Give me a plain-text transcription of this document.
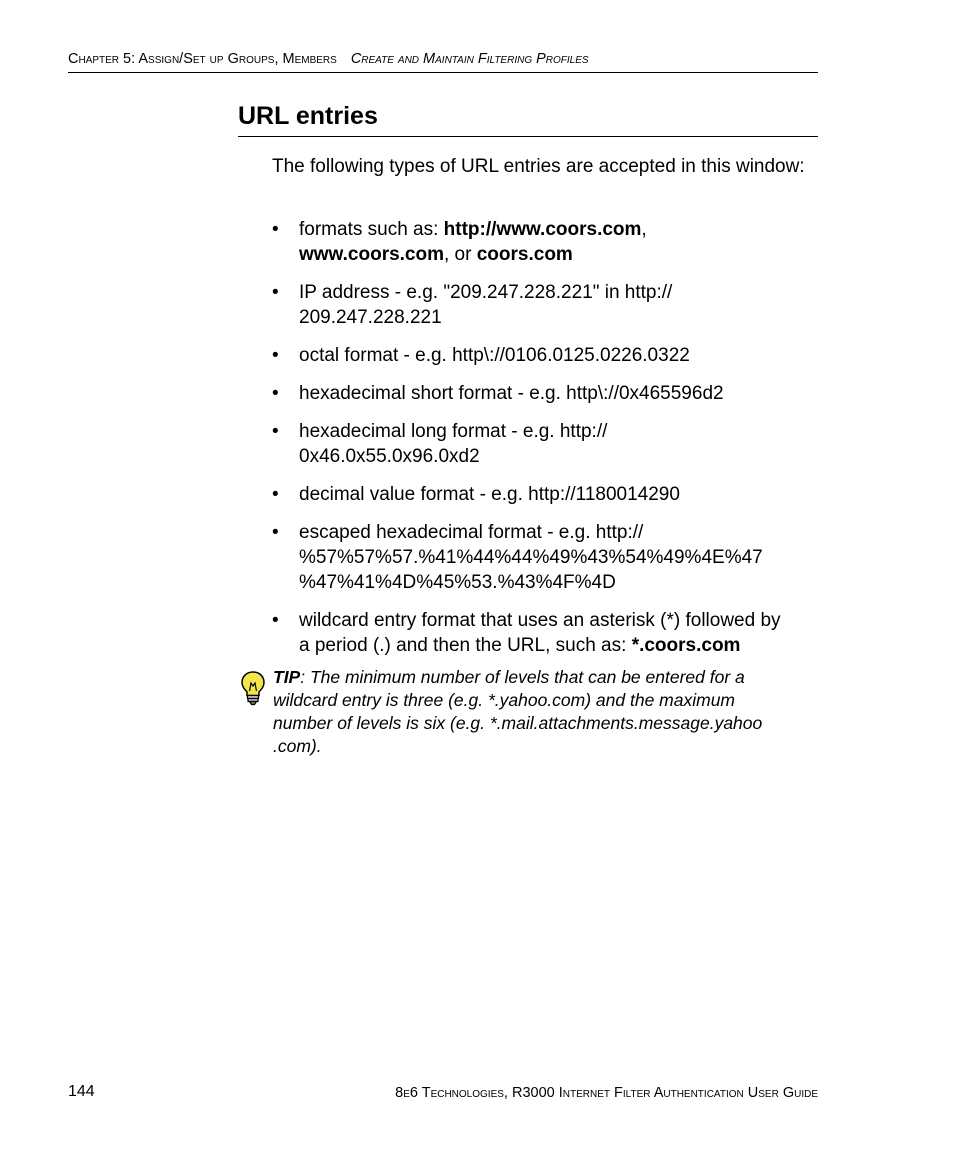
Chapter 5: Assign/Set up Groups, Members Create and Maintain Filtering Profiles
URL entries

The following types of URL entries are accepted in this window:

• formats such as: http://www.coors.com,
www.coors.com, or coors.com
• IP address - e.g. "209.247.228.221" in http://
209.247.228.221
• octal format - e.g. http\://0106.0125.0226.0322
• hexadecimal short format - e.g. http\://0x465596d2
• hexadecimal long format - e.g. http://
0x46.0x55.0x96.0xd2
• decimal value format - e.g. http://1180014290
• escaped hexadecimal format - e.g. http://
%57%57%57.%41%44%44%49%43%54%49%4E%47
%47%41%4D%45%53.%43%4F%4D
• wildcard entry format that uses an asterisk (*) followed by
a period (.) and then the URL, such as: *.coors.com
TIP: The minimum number of levels that can be entered for a
wildcard entry is three (e.g. *.yahoo.com) and the maximum
number of levels is six (e.g. *.mail.attachments.message.yahoo
.com).
144	8e6 Technologies, R3000 Internet Filter Authentication User Guide
